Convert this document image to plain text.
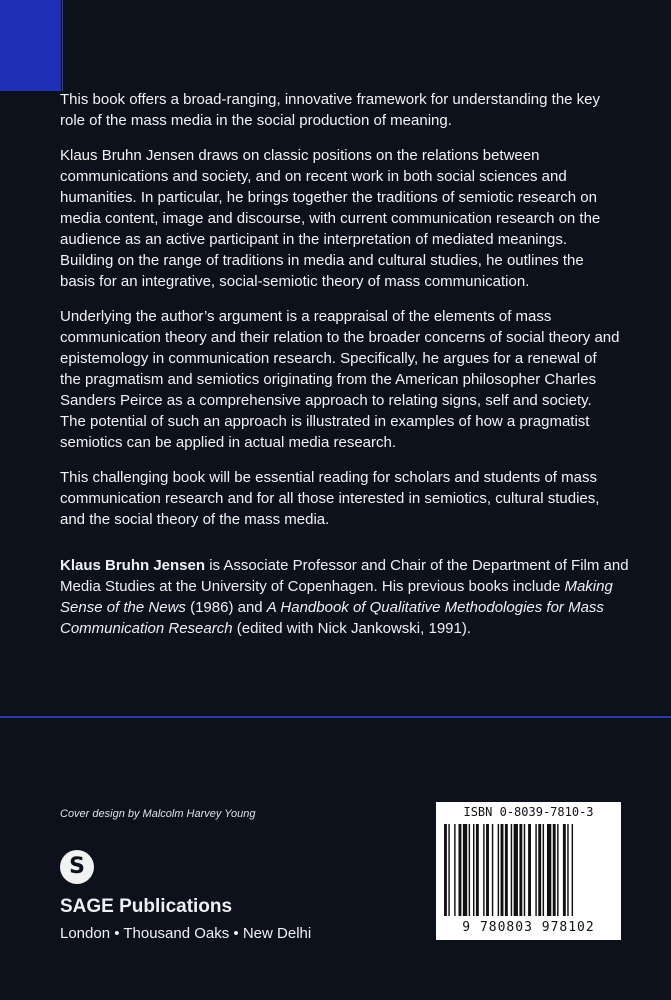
This book offers a broad-ranging, innovative framework for understanding the key role of the mass media in the social production of meaning.

Klaus Bruhn Jensen draws on classic positions on the relations between communications and society, and on recent work in both social sciences and humanities. In particular, he brings together the traditions of semiotic research on media content, image and discourse, with current communication research on the audience as an active participant in the interpretation of mediated meanings. Building on the range of traditions in media and cultural studies, he outlines the basis for an integrative, social-semiotic theory of mass communication.

Underlying the author’s argument is a reappraisal of the elements of mass communication theory and their relation to the broader concerns of social theory and epistemology in communication research. Specifically, he argues for a renewal of the pragmatism and semiotics originating from the American philosopher Charles Sanders Peirce as a comprehensive approach to relating signs, self and society. The potential of such an approach is illustrated in examples of how a pragmatist semiotics can be applied in actual media research.

This challenging book will be essential reading for scholars and students of mass communication research and for all those interested in semiotics, cultural studies, and the social theory of the mass media.

Klaus Bruhn Jensen is Associate Professor and Chair of the Department of Film and Media Studies at the University of Copenhagen. His previous books include Making Sense of the News (1986) and A Handbook of Qualitative Methodologies for Mass Communication Research (edited with Nick Jankowski, 1991).
Cover design by Malcolm Harvey Young
S
SAGE Publications
London • Thousand Oaks • New Delhi
ISBN 0-8039-7810-3
9 780803 978102
